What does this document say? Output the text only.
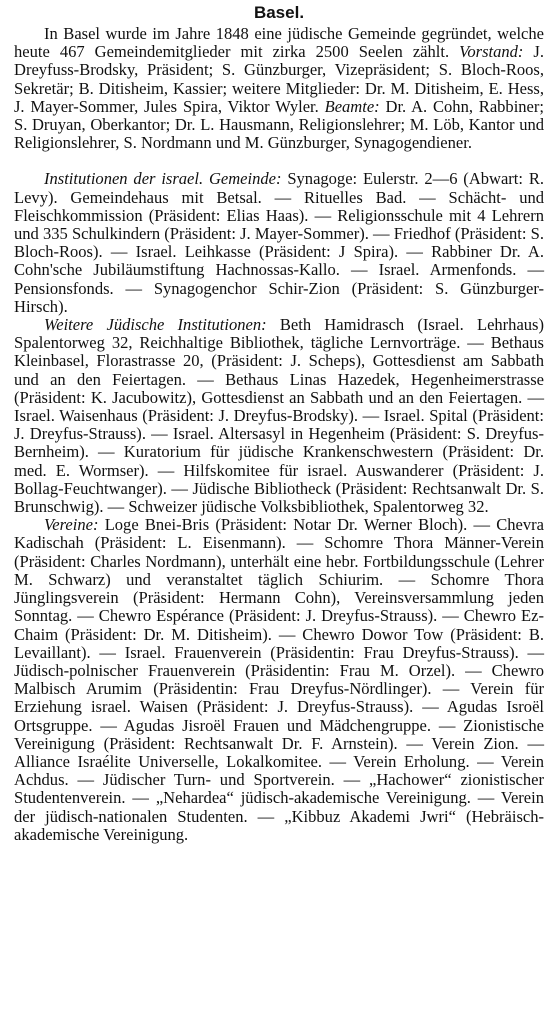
Basel.

In Basel wurde im Jahre 1848 eine jüdische Gemeinde gegründet, welche heute 467 Gemeindemitglieder mit zirka 2500 Seelen zählt. Vorstand: J. Dreyfuss-Brodsky, Präsident; S. Günzburger, Vizepräsident; S. Bloch-Roos, Sekretär; B. Ditisheim, Kassier; weitere Mitglieder: Dr. M. Ditisheim, E. Hess, J. Mayer-Sommer, Jules Spira, Viktor Wyler. Beamte: Dr. A. Cohn, Rabbiner; S. Druyan, Oberkantor; Dr. L. Hausmann, Religionslehrer; M. Löb, Kantor und Religionslehrer, S. Nordmann und M. Günzburger, Synagogendiener.

Institutionen der israel. Gemeinde: Synagoge: Eulerstr. 2—6 (Abwart: R. Levy). Gemeindehaus mit Betsal. — Rituelles Bad. — Schächt- und Fleischkommission (Präsident: Elias Haas). — Religionsschule mit 4 Lehrern und 335 Schulkindern (Präsident: J. Mayer-Sommer). — Friedhof (Präsident: S. Bloch-Roos). — Israel. Leihkasse (Präsident: J Spira). — Rabbiner Dr. A. Cohn'sche Jubiläumstiftung Hachnossas-Kallo. — Israel. Armenfonds. — Pensionsfonds. — Synagogenchor Schir-Zion (Präsident: S. Günzburger-Hirsch).

Weitere Jüdische Institutionen: Beth Hamidrasch (Israel. Lehrhaus) Spalentorweg 32, Reichhaltige Bibliothek, tägliche Lernvorträge. — Bethaus Kleinbasel, Florastrasse 20, (Präsident: J. Scheps), Gottesdienst am Sabbath und an den Feiertagen. — Bethaus Linas Hazedek, Hegenheimerstrasse (Präsident: K. Jacubowitz), Gottesdienst an Sabbath und an den Feiertagen. — Israel. Waisenhaus (Präsident: J. Dreyfus-Brodsky). — Israel. Spital (Präsident: J. Dreyfus-Strauss). — Israel. Altersasyl in Hegenheim (Präsident: S. Dreyfus-Bernheim). — Kuratorium für jüdische Krankenschwestern (Präsident: Dr. med. E. Wormser). — Hilfskomitee für israel. Auswanderer (Präsident: J. Bollag-Feuchtwanger). — Jüdische Bibliotheck (Präsident: Rechtsanwalt Dr. S. Brunschwig). — Schweizer jüdische Volksbibliothek, Spalentorweg 32.

Vereine: Loge Bnei-Bris (Präsident: Notar Dr. Werner Bloch). — Chevra Kadischah (Präsident: L. Eisenmann). — Schomre Thora Männer-Verein (Präsident: Charles Nordmann), unterhält eine hebr. Fortbildungsschule (Lehrer M. Schwarz) und veranstaltet täglich Schiurim. — Schomre Thora Jünglingsverein (Präsident: Hermann Cohn), Vereinsversammlung jeden Sonntag. — Chewro Espérance (Präsident: J. Dreyfus-Strauss). — Chewro Ez-Chaim (Präsident: Dr. M. Ditisheim). — Chewro Dowor Tow (Präsident: B. Levaillant). — Israel. Frauenverein (Präsidentin: Frau Dreyfus-Strauss). — Jüdisch-polnischer Frauenverein (Präsidentin: Frau M. Orzel). — Chewro Malbisch Arumim (Präsidentin: Frau Dreyfus-Nördlinger). — Verein für Erziehung israel. Waisen (Präsident: J. Dreyfus-Strauss). — Agudas Isroël Ortsgruppe. — Agudas Jisroël Frauen und Mädchengruppe. — Zionistische Vereinigung (Präsident: Rechtsanwalt Dr. F. Arnstein). — Verein Zion. — Alliance Israélite Universelle, Lokalkomitee. — Verein Erholung. — Verein Achdus. — Jüdischer Turn- und Sportverein. — „Hachower“ zionistischer Studentenverein. — „Nehardea“ jüdisch-akademische Vereinigung. — Verein der jüdisch-nationalen Studenten. — „Kibbuz Akademi Jwri“ (Hebräisch-akademische Vereinigung.
